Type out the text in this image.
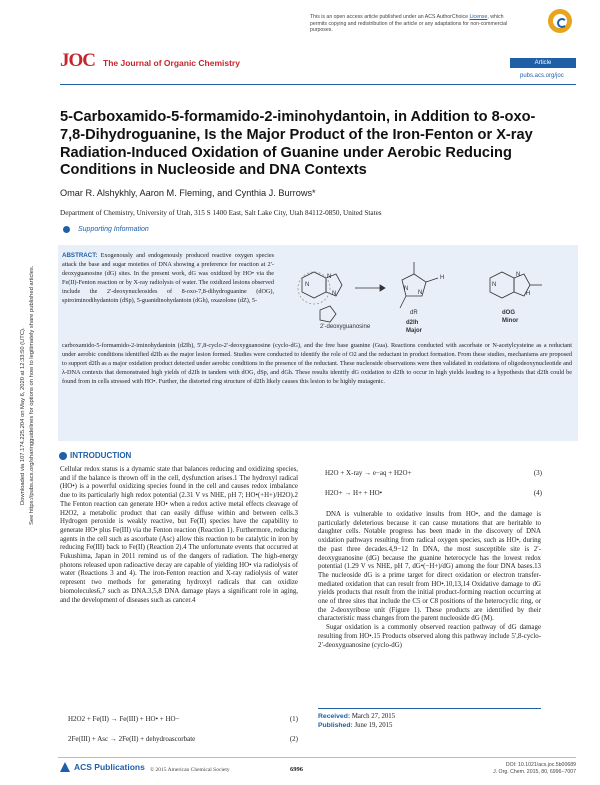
This is an open access article published under an ACS AuthorChoice License, which permits copying and redistribution of the article or any adaptations for non-commercial purposes.
JOC The Journal of Organic Chemistry	Article
pubs.acs.org/joc
Downloaded via 107.174.225.204 on May 6, 2020 at 12:33:50 (UTC). See https://pubs.acs.org/sharingguidelines for options on how to legitimately share published articles.
5-Carboxamido-5-formamido-2-iminohydantoin, in Addition to 8-oxo-7,8-Dihydroguanine, Is the Major Product of the Iron-Fenton or X-ray Radiation-Induced Oxidation of Guanine under Aerobic Reducing Conditions in Nucleoside and DNA Contexts
Omar R. Alshykhly, Aaron M. Fleming, and Cynthia J. Burrows*
Department of Chemistry, University of Utah, 315 S 1400 East, Salt Lake City, Utah 84112-0850, United States
Supporting Information
ABSTRACT: Exogenously and endogenously produced reactive oxygen species attack the base and sugar moieties of DNA showing a preference for reaction at 2′-deoxyguanosine (dG) sites. In the present work, dG was oxidized by HO• via the Fe(II)-Fenton reaction or by X-ray radiolysis of water. The oxidized lesions observed include the 2′-deoxynucleosides of 8-oxo-7,8-dihydroguanine (dOG), spiroiminodihydantoin (dSp), 5-guanidinohydantoin (dGh), oxazolone (dZ), 5-
carboxamido-5-formamido-2-iminohydantoin (d2Ih), 5′,8-cyclo-2′-deoxyguanosine (cyclo-dG), and the free base guanine (Gua). Reactions conducted with ascorbate or N-acetylcysteine as a reductant under aerobic conditions identified d2Ih as the major lesion formed. Studies were conducted to identify the role of O2 and the reductant in product formation. From these studies, mechanisms are proposed to support d2Ih as a major oxidation product detected under aerobic conditions in the presence of the reductant. These nucleoside observations were then validated in oxidations of oligodeoxynucleotide and λ-DNA contexts that demonstrated high yields of d2Ih in tandem with dOG, dSp, and dGh. These results identify dG oxidation to d2Ih to occur in high yields leading to a hypothesis that d2Ih could be found from in cells stressed with HO•. Further, the distorted ring structure of d2Ih likely causes this lesion to be highly mutagenic.
N
N
N
N
N
H
N
N
H
2'-deoxyguanosine
dR
d2Ih
Major
dOG
Minor
INTRODUCTION
Cellular redox status is a dynamic state that balances reducing and oxidizing species, and if the balance is thrown off in the cell, dysfunction arises.1 The hydroxyl radical (HO•) is a powerful oxidizing species found in the cell and causes redox imbalance due to its particularly high redox potential (2.31 V vs NHE, pH 7; HO•(+H+)/H2O).2 The Fenton reaction can generate HO• when a redox active metal effects cleavage of H2O2, a metabolic product that can easily diffuse within and between cells.3 Hydrogen peroxide is weakly reactive, but Fe(II) species have the capability to generate HO• plus Fe(III) via the Fenton reaction (Reaction 1). Furthermore, reducing agents in the cell such as ascorbate (Asc) allow this reaction to be catalytic in iron by reducing Fe(III) back to Fe(II) (Reaction 2).4 The unfortunate events that occurred at Fukushima, Japan in 2011 remind us of the dangers of radiation. The high-energy photons released upon radioactive decay are capable of yielding HO• via radiolysis of water (Reactions 3 and 4). The iron-Fenton reaction and X-ray radiolysis of water represent two methods for generating hydroxyl radicals that can oxidize biomolecules6,7 such as DNA.3,5,8 DNA damage plays a significant role in aging, and the development of diseases such as cancer.4
H2O2 + Fe(II) → Fe(III) + HO• + HO−	(1)
2Fe(III) + Asc → 2Fe(II) + dehydroascorbate	(2)
H2O + X-ray → e−aq + H2O+	(3)
H2O+ → H+ + HO•	(4)
DNA is vulnerable to oxidative insults from HO•, and the damage is particularly deleterious because it can cause mutations that are heritable to daughter cells. Notable progress has been made in the discovery of DNA oxidation pathways resulting from radical oxygen species, such as HO•, during the past three decades.4,9−12 In DNA, the most susceptible site is 2′-deoxyguanosine (dG) because the guanine heterocycle has the lowest redox potential (1.29 V vs NHE, pH 7, dG•(−H+)/dG) among the four DNA bases.13 The nucleoside dG is a prime target for direct oxidation or electron transfer-mediated oxidation that can result from HO•.10,13,14 Oxidative damage to dG yields products that result from the initial product-forming reaction occurring at one of three sites that include the C5 or C8 positions of the heterocyclic ring, or the 2-deoxyribose unit (Figure 1). These products are identified by their characteristic mass changes from the parent nucleoside dG (M).
Sugar oxidation is a commonly observed reaction pathway of dG damage resulting from HO•.15 Products observed along this pathway include 5′,8-cyclo-2′-deoxyguanosine (cyclo-dG)
Received: March 27, 2015
Published: June 19, 2015
ACS Publications © 2015 American Chemical Society	6996
DOI: 10.1021/acs.joc.5b00689
J. Org. Chem. 2015, 80, 6996−7007
